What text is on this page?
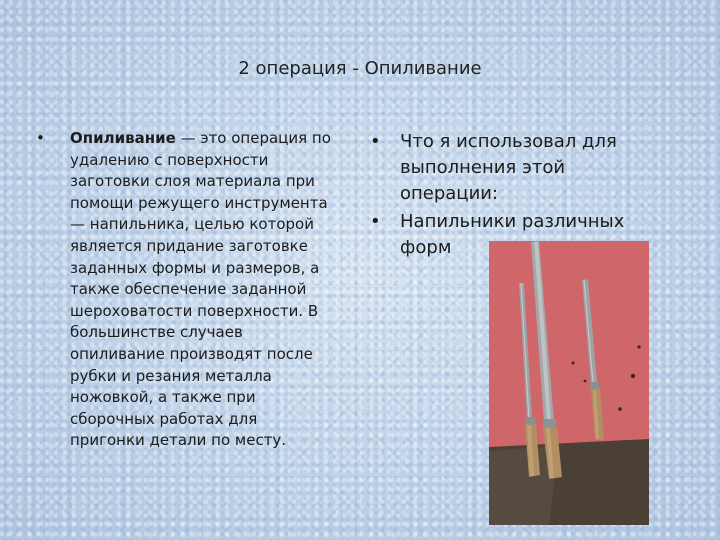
2 операция - Опиливание
•	Опиливание — это операция по удалению с поверхности заготовки слоя материала при помощи режущего инструмента — напильника, целью которой является придание заготовке заданных формы и размеров, а также обеспечение заданной шероховатости поверхности. В большинстве случаев опиливание производят после рубки и резания металла ножовкой, а также при сборочных работах для пригонки детали по месту.
•	Что я использовал для выполнения этой операции:
•	Напильники различных форм
